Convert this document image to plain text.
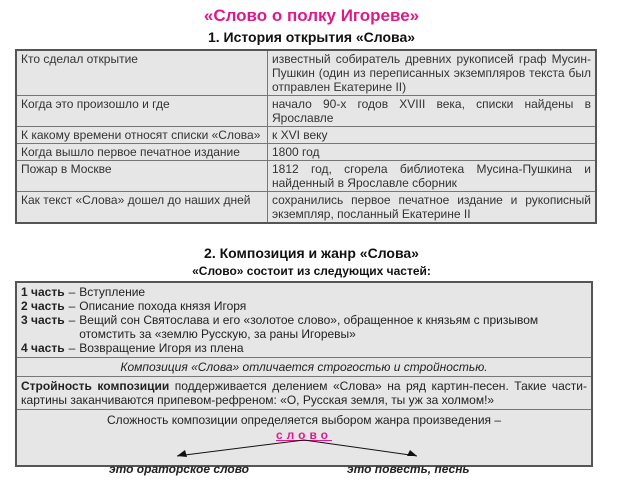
«Слово о полку Игореве»
1. История открытия «Слова»
Кто сделал открытие	известный собиратель древних рукописей граф Мусин-Пушкин (один из переписанных экземпляров текста был отправлен Екатерине II)
Когда это произошло и где	начало 90-х годов XVIII века, списки найдены в Ярославле
К какому времени относят списки «Слова»	к XVI веку
Когда вышло первое печатное издание	1800 год
Пожар в Москве	1812 год, сгорела библиотека Мусина-Пушкина и найденный в Ярославле сборник
Как текст «Слова» дошел до наших дней	сохранились первое печатное издание и рукописный экземпляр, посланный Екатерине II
2. Композиция и жанр «Слова»
«Слово» состоит из следующих частей:
1 часть – Вступление
2 часть – Описание похода князя Игоря
3 часть – Вещий сон Святослава и его «золотое слово», обращенное к князьям с призывом отомстить за «землю Русскую, за раны Игоревы»
4 часть – Возвращение Игоря из плена
Композиция «Слова» отличается строгостью и стройностью.
Стройность композиции поддерживается делением «Слова» на ряд картин-песен. Такие части-картины заканчиваются припевом-рефреном: «О, Русская земля, ты уж за холмом!»
Сложность композиции определяется выбором жанра произведения –
слово
это ораторское слово	это повесть, песнь
